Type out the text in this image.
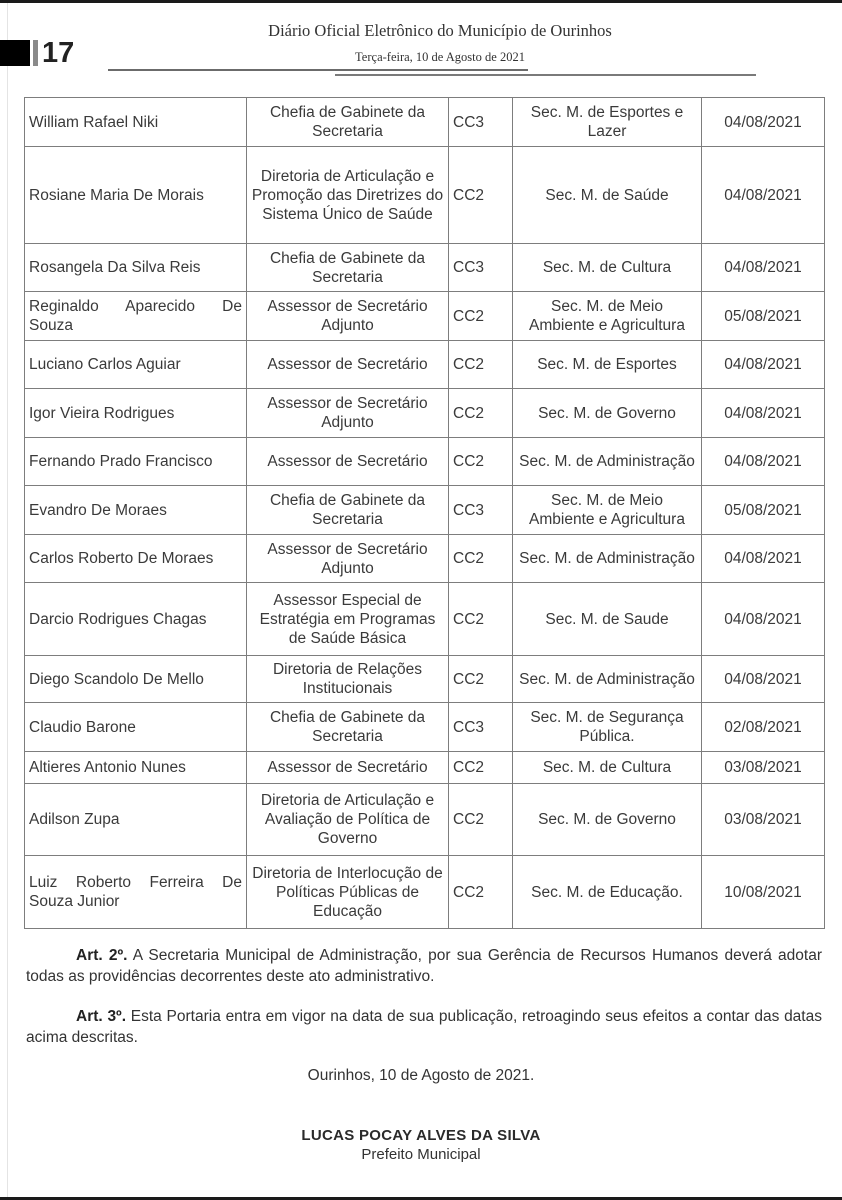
17
Diário Oficial Eletrônico do Município de Ourinhos
Terça-feira, 10 de Agosto de 2021
William Rafael Niki	Chefia de Gabinete da Secretaria	CC3	Sec. M. de Esportes e Lazer	04/08/2021
Rosiane Maria De Morais	Diretoria de Articulação e Promoção das Diretrizes do Sistema Único de Saúde	CC2	Sec. M. de Saúde	04/08/2021
Rosangela Da Silva Reis	Chefia de Gabinete da Secretaria	CC3	Sec. M. de Cultura	04/08/2021
Reginaldo Aparecido De Souza	Assessor de Secretário Adjunto	CC2	Sec. M. de Meio Ambiente e Agricultura	05/08/2021
Luciano Carlos Aguiar	Assessor de Secretário	CC2	Sec. M. de Esportes	04/08/2021
Igor Vieira Rodrigues	Assessor de Secretário Adjunto	CC2	Sec. M. de Governo	04/08/2021
Fernando Prado Francisco	Assessor de Secretário	CC2	Sec. M. de Administração	04/08/2021
Evandro De Moraes	Chefia de Gabinete da Secretaria	CC3	Sec. M. de Meio Ambiente e Agricultura	05/08/2021
Carlos Roberto De Moraes	Assessor de Secretário Adjunto	CC2	Sec. M. de Administração	04/08/2021
Darcio Rodrigues Chagas	Assessor Especial de Estratégia em Programas de Saúde Básica	CC2	Sec. M. de Saude	04/08/2021
Diego Scandolo De Mello	Diretoria de Relações Institucionais	CC2	Sec. M. de Administração	04/08/2021
Claudio Barone	Chefia de Gabinete da Secretaria	CC3	Sec. M. de Segurança Pública.	02/08/2021
Altieres Antonio Nunes	Assessor de Secretário	CC2	Sec. M. de Cultura	03/08/2021
Adilson Zupa	Diretoria de Articulação e Avaliação de Política de Governo	CC2	Sec. M. de Governo	03/08/2021
Luiz Roberto Ferreira De Souza Junior	Diretoria de Interlocução de Políticas Públicas de Educação	CC2	Sec. M. de Educação.	10/08/2021
Art. 2º. A Secretaria Municipal de Administração, por sua Gerência de Recursos Humanos deverá adotar todas as providências decorrentes deste ato administrativo.
Art. 3º. Esta Portaria entra em vigor na data de sua publicação, retroagindo seus efeitos a contar das datas acima descritas.
Ourinhos, 10 de Agosto de 2021.
LUCAS POCAY ALVES DA SILVA
Prefeito Municipal
